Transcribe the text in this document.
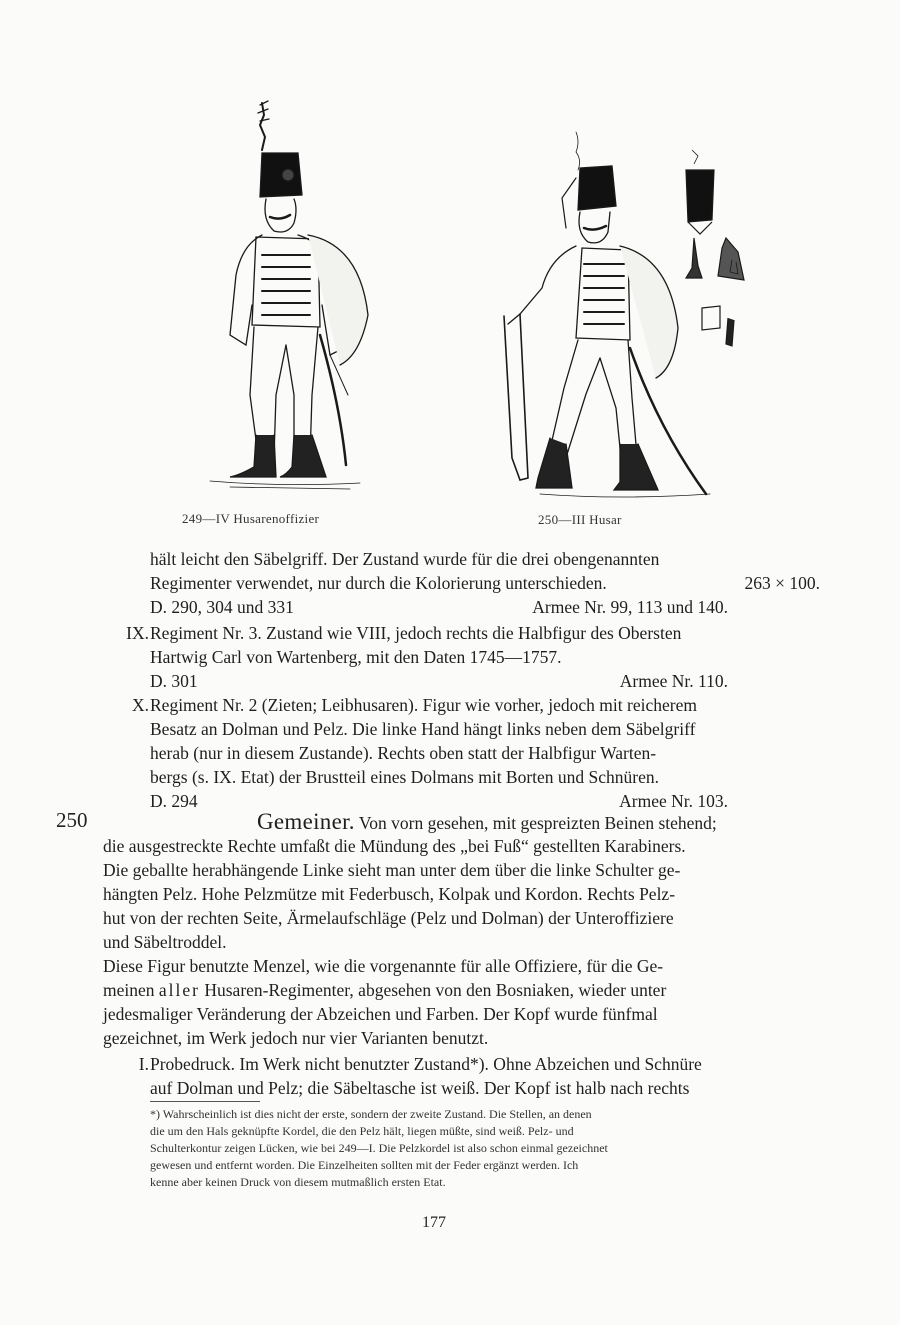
249—IV Husarenoffizier	250—III Husar
hält leicht den Säbelgriff. Der Zustand wurde für die drei obengenannten
Regimenter verwendet, nur durch die Kolorierung unterschieden.	263 × 100.
D. 290, 304 und 331	Armee Nr. 99, 113 und 140.
IX. Regiment Nr. 3. Zustand wie VIII, jedoch rechts die Halbfigur des Obersten
Hartwig Carl von Wartenberg, mit den Daten 1745—1757.
D. 301	Armee Nr. 110.
X. Regiment Nr. 2 (Zieten; Leibhusaren). Figur wie vorher, jedoch mit reicherem
Besatz an Dolman und Pelz. Die linke Hand hängt links neben dem Säbelgriff
herab (nur in diesem Zustande). Rechts oben statt der Halbfigur Warten-
bergs (s. IX. Etat) der Brustteil eines Dolmans mit Borten und Schnüren.
D. 294	Armee Nr. 103.
250	Gemeiner. Von vorn gesehen, mit gespreizten Beinen stehend;
die ausgestreckte Rechte umfaßt die Mündung des „bei Fuß“ gestellten Karabiners.
Die geballte herabhängende Linke sieht man unter dem über die linke Schulter ge-
hängten Pelz. Hohe Pelzmütze mit Federbusch, Kolpak und Kordon. Rechts Pelz-
hut von der rechten Seite, Ärmelaufschläge (Pelz und Dolman) der Unteroffiziere
und Säbeltroddel.
Diese Figur benutzte Menzel, wie die vorgenannte für alle Offiziere, für die Ge-
meinen aller Husaren-Regimenter, abgesehen von den Bosniaken, wieder unter
jedesmaliger Veränderung der Abzeichen und Farben. Der Kopf wurde fünfmal
gezeichnet, im Werk jedoch nur vier Varianten benutzt.
I. Probedruck. Im Werk nicht benutzter Zustand*). Ohne Abzeichen und Schnüre
auf Dolman und Pelz; die Säbeltasche ist weiß. Der Kopf ist halb nach rechts
*) Wahrscheinlich ist dies nicht der erste, sondern der zweite Zustand. Die Stellen, an denen
die um den Hals geknüpfte Kordel, die den Pelz hält, liegen müßte, sind weiß. Pelz- und
Schulterkontur zeigen Lücken, wie bei 249—I. Die Pelzkordel ist also schon einmal gezeichnet
gewesen und entfernt worden. Die Einzelheiten sollten mit der Feder ergänzt werden. Ich
kenne aber keinen Druck von diesem mutmaßlich ersten Etat.
177
